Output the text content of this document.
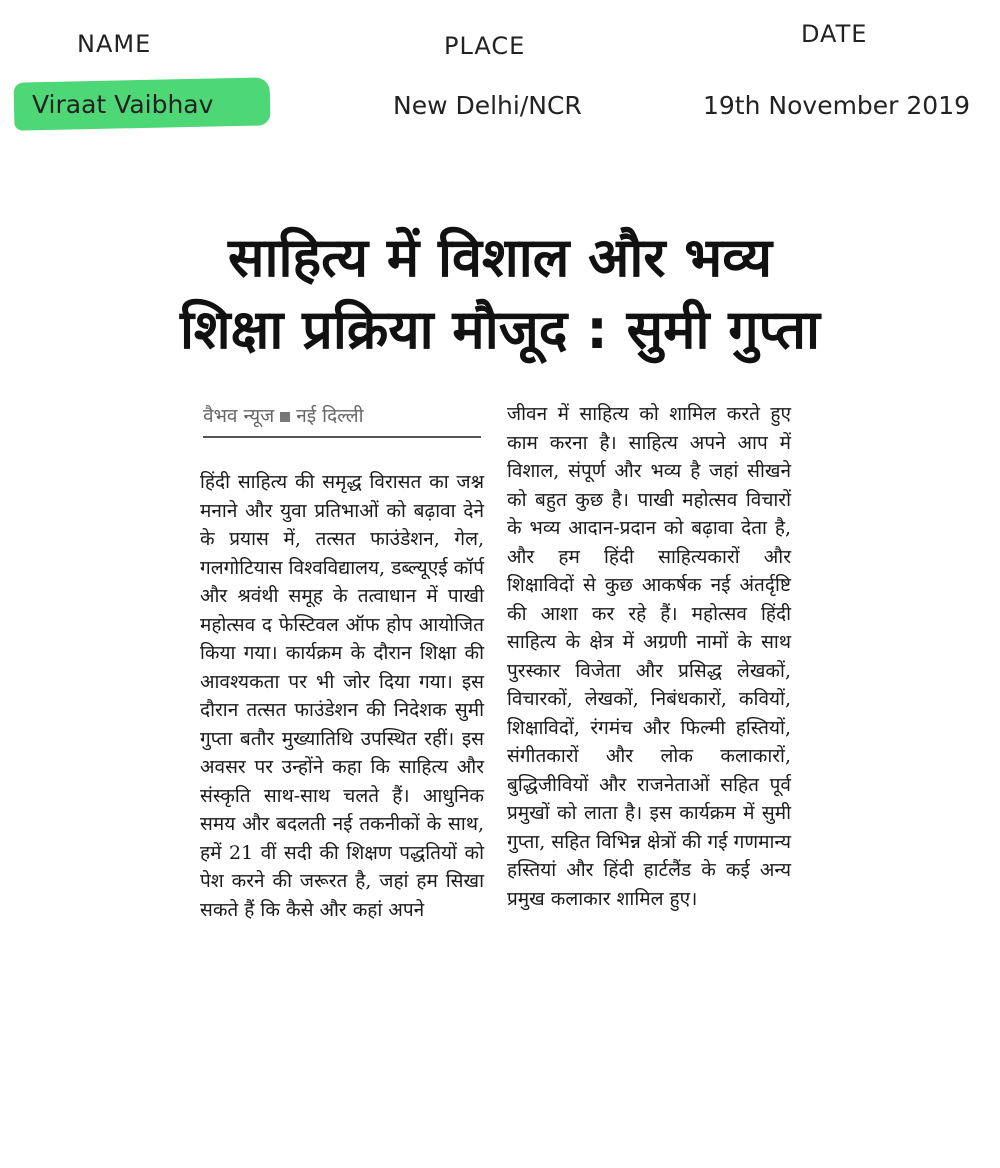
NAME	PLACE	DATE
Viraat Vaibhav	New Delhi/NCR	19th November 2019
साहित्य में विशाल और भव्य
शिक्षा प्रक्रिया मौजूद : सुमी गुप्ता
वैभव न्यूज नई दिल्ली
हिंदी साहित्य की समृद्ध विरासत का जश्न मनाने और युवा प्रतिभाओं को बढ़ावा देने के प्रयास में, तत्सत फाउंडेशन, गेल, गलगोटियास विश्वविद्यालय, डब्ल्यूएई कॉर्प और श्रवंथी समूह के तत्वाधान में पाखी महोत्सव द फेस्टिवल ऑफ होप आयोजित किया गया। कार्यक्रम के दौरान शिक्षा की आवश्यकता पर भी जोर दिया गया। इस दौरान तत्सत फाउंडेशन की निदेशक सुमी गुप्ता बतौर मुख्यातिथि उपस्थित रहीं। इस अवसर पर उन्होंने कहा कि साहित्य और संस्कृति साथ-साथ चलते हैं। आधुनिक समय और बदलती नई तकनीकों के साथ, हमें 21 वीं सदी की शिक्षण पद्धतियों को पेश करने की जरूरत है, जहां हम सिखा सकते हैं कि कैसे और कहां अपने
जीवन में साहित्य को शामिल करते हुए काम करना है। साहित्य अपने आप में विशाल, संपूर्ण और भव्य है जहां सीखने को बहुत कुछ है। पाखी महोत्सव विचारों के भव्य आदान-प्रदान को बढ़ावा देता है, और हम हिंदी साहित्यकारों और शिक्षाविदों से कुछ आकर्षक नई अंतर्दृष्टि की आशा कर रहे हैं। महोत्सव हिंदी साहित्य के क्षेत्र में अग्रणी नामों के साथ पुरस्कार विजेता और प्रसिद्ध लेखकों, विचारकों, लेखकों, निबंधकारों, कवियों, शिक्षाविदों, रंगमंच और फिल्मी हस्तियों, संगीतकारों और लोक कलाकारों, बुद्धिजीवियों और राजनेताओं सहित पूर्व प्रमुखों को लाता है। इस कार्यक्रम में सुमी गुप्ता, सहित विभिन्न क्षेत्रों की गई गणमान्य हस्तियां और हिंदी हार्टलैंड के कई अन्य प्रमुख कलाकार शामिल हुए।
